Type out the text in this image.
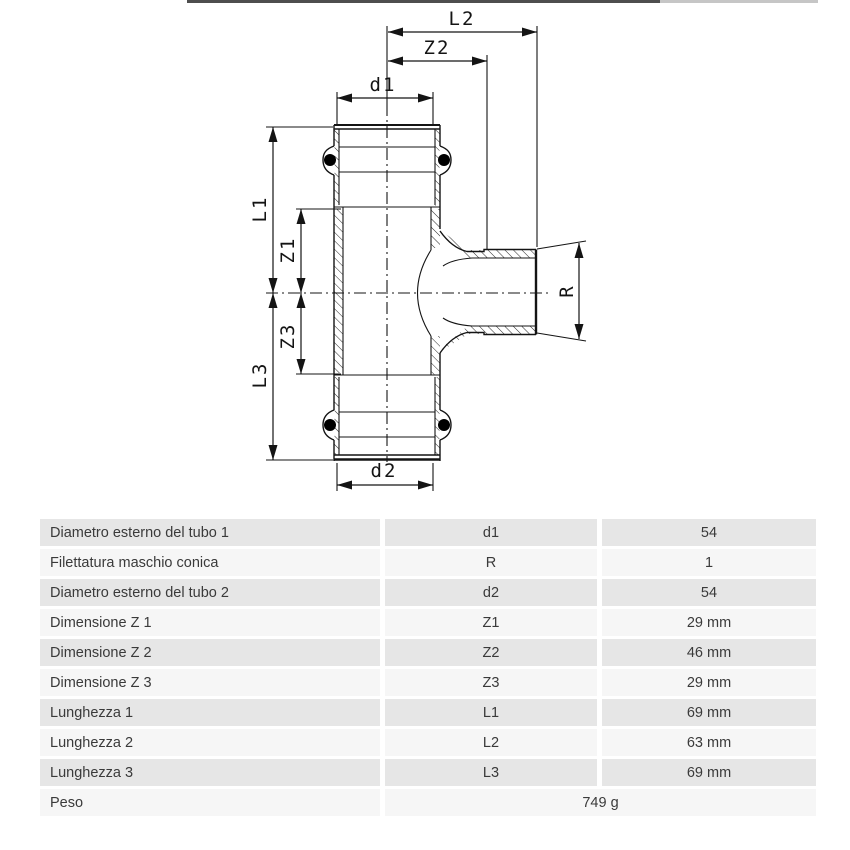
L2
Z2
d1
L1
Z1
Z3
L3
d2
R
Diametro esterno del tubo 1	d1	54
Filettatura maschio conica	R	1
Diametro esterno del tubo 2	d2	54
Dimensione Z 1	Z1	29 mm
Dimensione Z 2	Z2	46 mm
Dimensione Z 3	Z3	29 mm
Lunghezza 1	L1	69 mm
Lunghezza 2	L2	63 mm
Lunghezza 3	L3	69 mm
Peso	749 g
